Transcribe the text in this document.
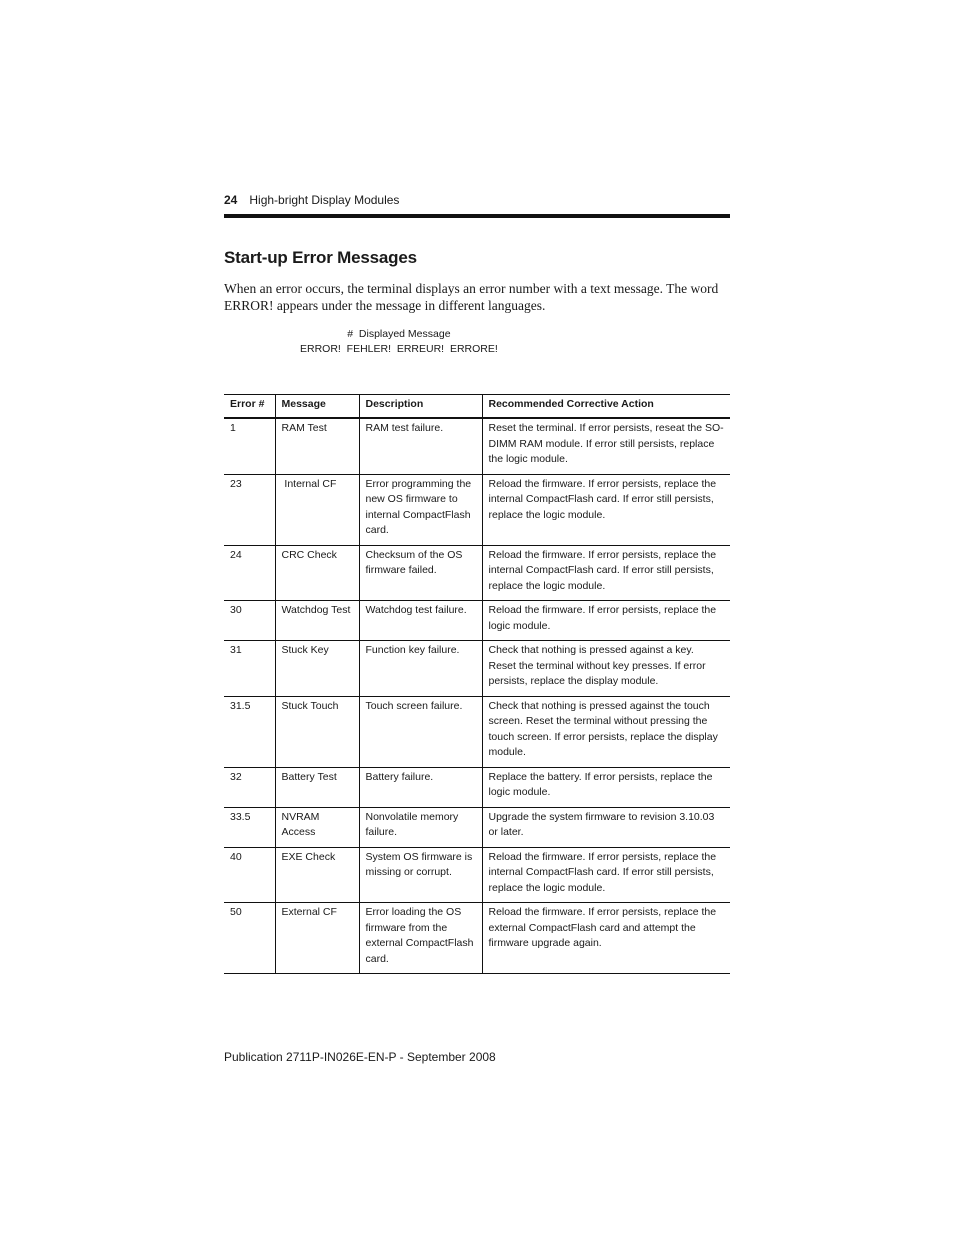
24 High-bright Display Modules
Start-up Error Messages
When an error occurs, the terminal displays an error number with a text message. The word ERROR! appears under the message in different languages.
#  Displayed Message
ERROR!  FEHLER!  ERREUR!  ERRORE!
Error #	Message	Description	Recommended Corrective Action
1	RAM Test	RAM test failure.	Reset the terminal. If error persists, reseat the SO-DIMM RAM module. If error still persists, replace the logic module.
23	Internal CF	Error programming the new OS firmware to internal CompactFlash card.	Reload the firmware. If error persists, replace the internal CompactFlash card. If error still persists, replace the logic module.
24	CRC Check	Checksum of the OS firmware failed.	Reload the firmware. If error persists, replace the internal CompactFlash card. If error still persists, replace the logic module.
30	Watchdog Test	Watchdog test failure.	Reload the firmware. If error persists, replace the logic module.
31	Stuck Key	Function key failure.	Check that nothing is pressed against a key. Reset the terminal without key presses. If error persists, replace the display module.
31.5	Stuck Touch	Touch screen failure.	Check that nothing is pressed against the touch screen. Reset the terminal without pressing the touch screen. If error persists, replace the display module.
32	Battery Test	Battery failure.	Replace the battery. If error persists, replace the logic module.
33.5	NVRAM Access	Nonvolatile memory failure.	Upgrade the system firmware to revision 3.10.03 or later.
40	EXE Check	System OS firmware is missing or corrupt.	Reload the firmware. If error persists, replace the internal CompactFlash card. If error still persists, replace the logic module.
50	External CF	Error loading the OS firmware from the external CompactFlash card.	Reload the firmware. If error persists, replace the external CompactFlash card and attempt the firmware upgrade again.
Publication 2711P-IN026E-EN-P - September 2008
